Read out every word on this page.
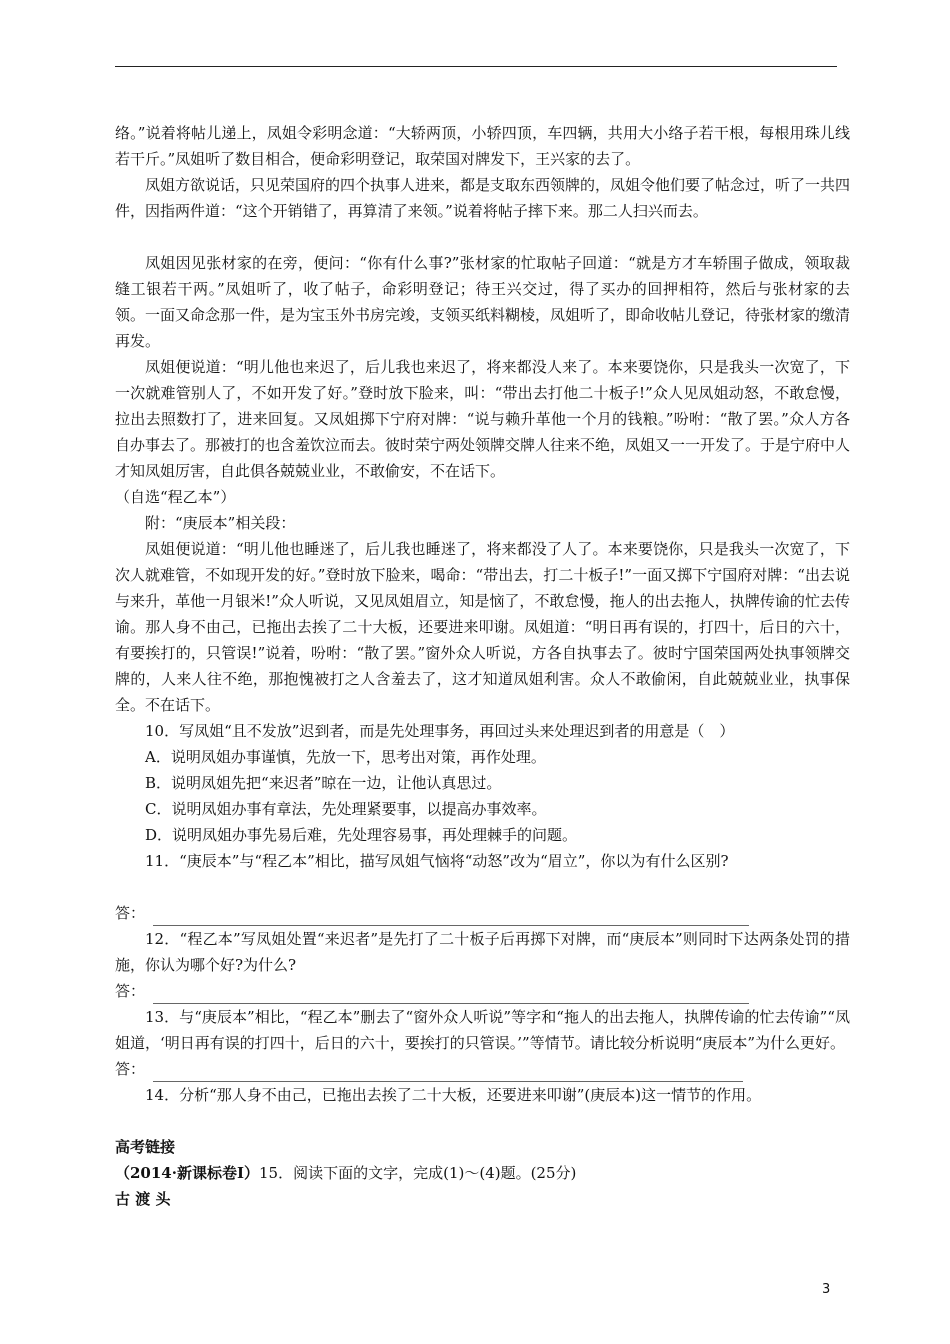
络。”说着将帖儿递上，凤姐令彩明念道：“大轿两顶，小轿四顶，车四辆，共用大小络子若干根，每根用珠儿线若干斤。”凤姐听了数目相合，便命彩明登记，取荣国对牌发下，王兴家的去了。

凤姐方欲说话，只见荣国府的四个执事人进来，都是支取东西领牌的，凤姐令他们要了帖念过，听了一共四件，因指两件道：“这个开销错了，再算清了来领。”说着将帖子摔下来。那二人扫兴而去。

凤姐因见张材家的在旁，便问：“你有什么事?”张材家的忙取帖子回道：“就是方才车轿围子做成，领取裁缝工银若干两。”凤姐听了，收了帖子，命彩明登记；待王兴交过，得了买办的回押相符，然后与张材家的去领。一面又命念那一件，是为宝玉外书房完竣，支领买纸料糊棱，凤姐听了，即命收帖儿登记，待张材家的缴清再发。

凤姐便说道：“明儿他也来迟了，后儿我也来迟了，将来都没人来了。本来要饶你，只是我头一次宽了，下一次就难管别人了，不如开发了好。”登时放下脸来，叫：“带出去打他二十板子!”众人见凤姐动怒，不敢怠慢，拉出去照数打了，进来回复。又凤姐掷下宁府对牌：“说与赖升革他一个月的钱粮。”吩咐：“散了罢。”众人方各自办事去了。那被打的也含羞饮泣而去。彼时荣宁两处领牌交牌人往来不绝，凤姐又一一开发了。于是宁府中人才知凤姐厉害，自此俱各兢兢业业，不敢偷安，不在话下。

（自选“程乙本”）

附：“庚辰本”相关段：

凤姐便说道：“明儿他也睡迷了，后儿我也睡迷了，将来都没了人了。本来要饶你，只是我头一次宽了，下次人就难管，不如现开发的好。”登时放下脸来，喝命：“带出去，打二十板子!”一面又掷下宁国府对牌：“出去说与来升，革他一月银米!”众人听说，又见凤姐眉立，知是恼了，不敢怠慢，拖人的出去拖人，执牌传谕的忙去传谕。那人身不由己，已拖出去挨了二十大板，还要进来叩谢。凤姐道：“明日再有误的，打四十，后日的六十，有要挨打的，只管误!”说着，吩咐：“散了罢。”窗外众人听说，方各自执事去了。彼时宁国荣国两处执事领牌交牌的，人来人往不绝，那抱愧被打之人含羞去了，这才知道凤姐利害。众人不敢偷闲，自此兢兢业业，执事保全。不在话下。

10．写凤姐“且不发放”迟到者，而是先处理事务，再回过头来处理迟到者的用意是（　）

A．说明凤姐办事谨慎，先放一下，思考出对策，再作处理。

B．说明凤姐先把“来迟者”晾在一边，让他认真思过。

C．说明凤姐办事有章法，先处理紧要事，以提高办事效率。

D．说明凤姐办事先易后难，先处理容易事，再处理棘手的问题。

11．“庚辰本”与“程乙本”相比，描写凤姐气恼将“动怒”改为“眉立”，你以为有什么区别?

答：

12．“程乙本”写凤姐处置“来迟者”是先打了二十板子后再掷下对牌，而“庚辰本”则同时下达两条处罚的措施，你认为哪个好?为什么?

答：

13．与“庚辰本”相比，“程乙本”删去了“窗外众人听说”等字和“拖人的出去拖人，执牌传谕的忙去传谕”“凤姐道，‘明日再有误的打四十，后日的六十，要挨打的只管误。’”等情节。请比较分析说明“庚辰本”为什么更好。

答：

14．分析“那人身不由己，已拖出去挨了二十大板，还要进来叩谢”(庚辰本)这一情节的作用。

高考链接

（2014·新课标卷Ⅰ）15．阅读下面的文字，完成(1)～(4)题。(25分)

古 渡 头

3
